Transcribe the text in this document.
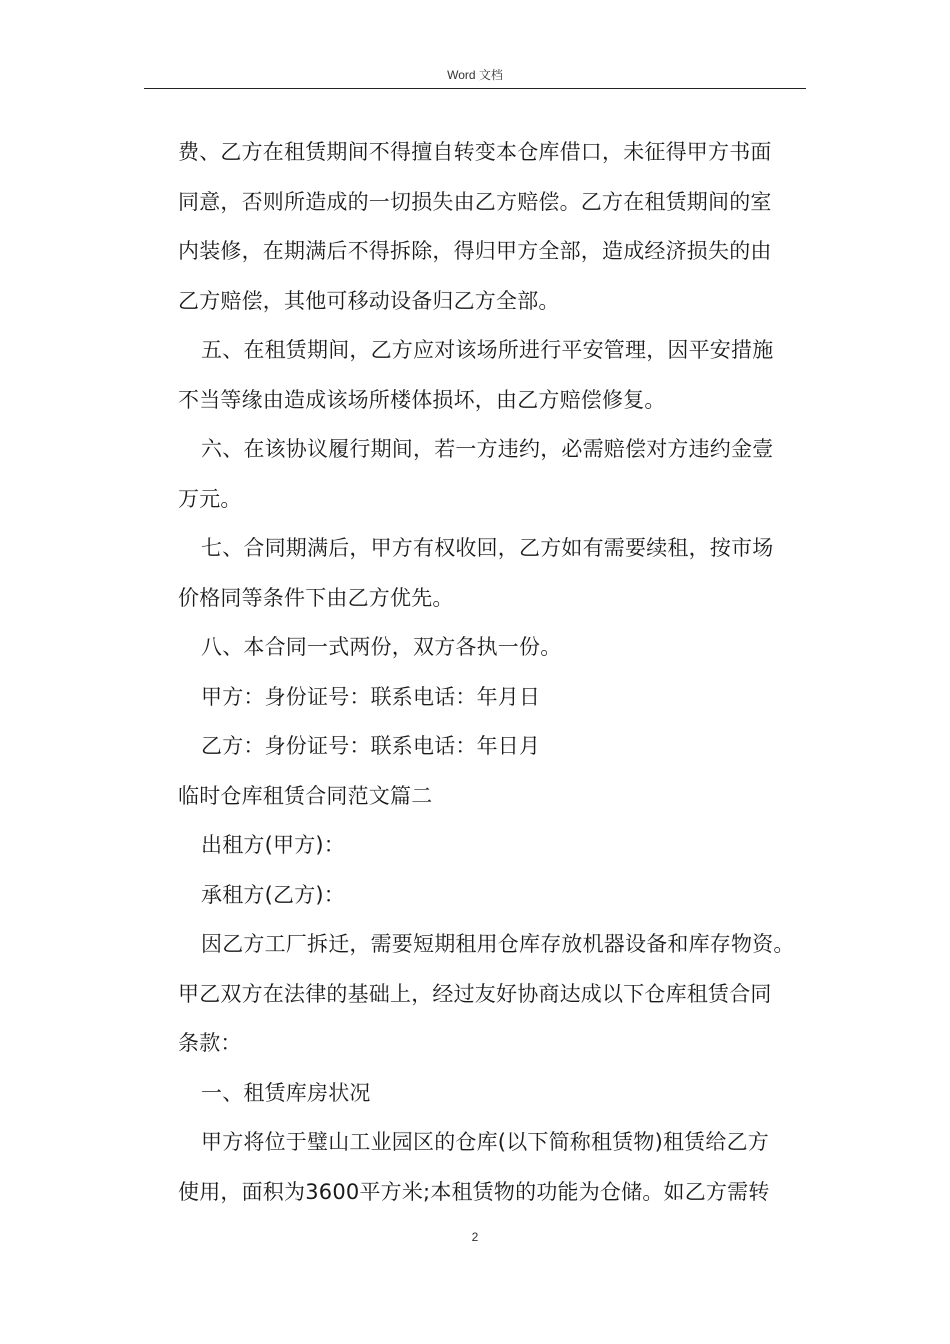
Word 文档
费、乙方在租赁期间不得擅自转变本仓库借口，未征得甲方书面
同意，否则所造成的一切损失由乙方赔偿。乙方在租赁期间的室
内装修，在期满后不得拆除，得归甲方全部，造成经济损失的由
乙方赔偿，其他可移动设备归乙方全部。
五、在租赁期间，乙方应对该场所进行平安管理，因平安措施
不当等缘由造成该场所楼体损坏，由乙方赔偿修复。
六、在该协议履行期间，若一方违约，必需赔偿对方违约金壹
万元。
七、合同期满后，甲方有权收回，乙方如有需要续租，按市场
价格同等条件下由乙方优先。
八、本合同一式两份，双方各执一份。
甲方：身份证号：联系电话：年月日
乙方：身份证号：联系电话：年日月
临时仓库租赁合同范文篇二
出租方(甲方)：
承租方(乙方)：
因乙方工厂拆迁，需要短期租用仓库存放机器设备和库存物资。
甲乙双方在法律的基础上，经过友好协商达成以下仓库租赁合同
条款：
一、租赁库房状况
甲方将位于璧山工业园区的仓库(以下简称租赁物)租赁给乙方
使用，面积为3600平方米;本租赁物的功能为仓储。如乙方需转
2
